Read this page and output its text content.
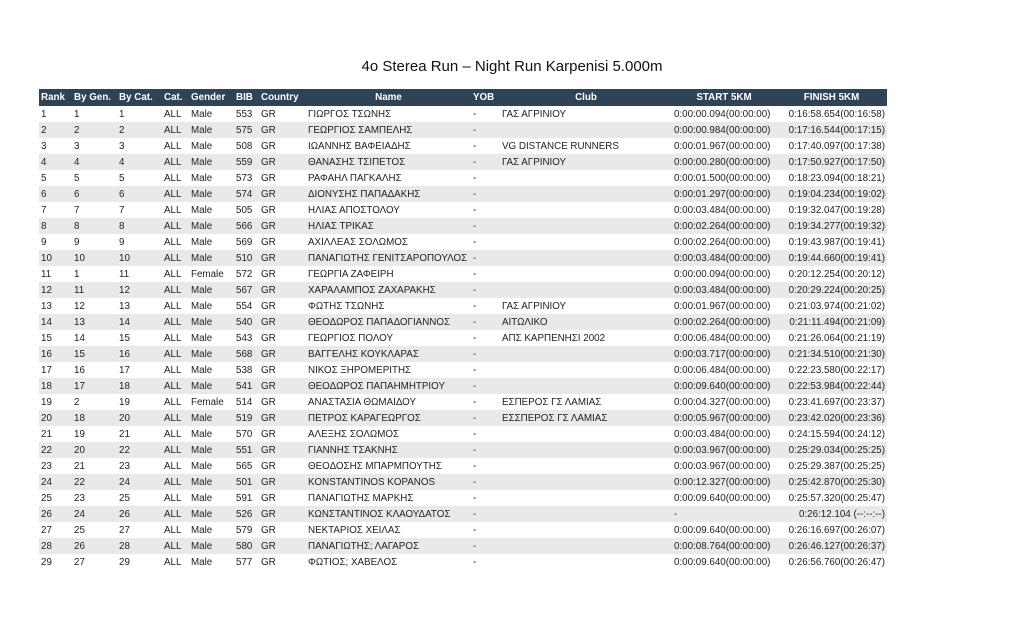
4o Sterea Run – Night Run Karpenisi 5.000m
Rank	By Gen.	By Cat.	Cat.	Gender	BIB	Country	Name	YOB	Club	START 5KM	FINISH 5KM
1	1	1	ALL	Male	553	GR	ΓΙΩΡΓΟΣ ΤΣΩΝΗΣ	-	ΓΑΣ ΑΓΡΙΝΙΟΥ	0:00:00.094(00:00:00)	0:16:58.654(00:16:58)
2	2	2	ALL	Male	575	GR	ΓΕΩΡΓΙΟΣ ΣΑΜΠΕΛΗΣ	-		0:00:00.984(00:00:00)	0:17:16.544(00:17:15)
3	3	3	ALL	Male	508	GR	ΙΩΑΝΝΗΣ ΒΑΦΕΙΑΔΗΣ	-	VG DISTANCE RUNNERS	0:00:01.967(00:00:00)	0:17:40.097(00:17:38)
4	4	4	ALL	Male	559	GR	ΘΑΝΑΣΗΣ ΤΣΙΠΕΤΟΣ	-	ΓΑΣ ΑΓΡΙΝΙΟΥ	0:00:00.280(00:00:00)	0:17:50.927(00:17:50)
5	5	5	ALL	Male	573	GR	ΡΑΦΑΗΛ ΠΑΓΚΑΛΗΣ	-		0:00:01.500(00:00:00)	0:18:23.094(00:18:21)
6	6	6	ALL	Male	574	GR	ΔΙΟΝΥΣΗΣ ΠΑΠΑΔΑΚΗΣ	-		0:00:01.297(00:00:00)	0:19:04.234(00:19:02)
7	7	7	ALL	Male	505	GR	ΗΛΙΑΣ ΑΠΟΣΤΟΛΟΥ	-		0:00:03.484(00:00:00)	0:19:32.047(00:19:28)
8	8	8	ALL	Male	566	GR	ΗΛΙΑΣ ΤΡΙΚΑΣ	-		0:00:02.264(00:00:00)	0:19:34.277(00:19:32)
9	9	9	ALL	Male	569	GR	ΑΧΙΛΛΕΑΣ ΣΟΛΩΜΟΣ	-		0:00:02.264(00:00:00)	0:19:43.987(00:19:41)
10	10	10	ALL	Male	510	GR	ΠΑΝΑΓΙΩΤΗΣ ΓΕΝΙΤΣΑΡΟΠΟΥΛΟΣ	-		0:00:03.484(00:00:00)	0:19:44.660(00:19:41)
11	1	11	ALL	Female	572	GR	ΓΕΩΡΓΙΑ ΖΑΦΕΙΡΗ	-		0:00:00.094(00:00:00)	0:20:12.254(00:20:12)
12	11	12	ALL	Male	567	GR	ΧΑΡΑΛΑΜΠΟΣ ΖΑΧΑΡΑΚΗΣ	-		0:00:03.484(00:00:00)	0:20:29.224(00:20:25)
13	12	13	ALL	Male	554	GR	ΦΩΤΗΣ ΤΣΩΝΗΣ	-	ΓΑΣ ΑΓΡΙΝΙΟΥ	0:00:01.967(00:00:00)	0:21:03.974(00:21:02)
14	13	14	ALL	Male	540	GR	ΘΕΟΔΩΡΟΣ ΠΑΠΑΔΟΓΙΑΝΝΟΣ	-	ΑΙΤΩΛΙΚΟ	0:00:02.264(00:00:00)	0:21:11.494(00:21:09)
15	14	15	ALL	Male	543	GR	ΓΕΩΡΓΙΟΣ ΠΟΛΟΥ	-	ΑΠΣ ΚΑΡΠΕΝΗΣΙ 2002	0:00:06.484(00:00:00)	0:21:26.064(00:21:19)
16	15	16	ALL	Male	568	GR	ΒΑΓΓΕΛΗΣ ΚΟΥΚΛΑΡΑΣ	-		0:00:03.717(00:00:00)	0:21:34.510(00:21:30)
17	16	17	ALL	Male	538	GR	ΝΙΚΟΣ ΞΗΡΟΜΕΡΙΤΗΣ	-		0:00:06.484(00:00:00)	0:22:23.580(00:22:17)
18	17	18	ALL	Male	541	GR	ΘΕΟΔΩΡΟΣ ΠΑΠΑΗΜΗΤΡΙΟΥ	-		0:00:09.640(00:00:00)	0:22:53.984(00:22:44)
19	2	19	ALL	Female	514	GR	ΑΝΑΣΤΑΣΙΑ ΘΩΜΑΙΔΟΥ	-	ΕΣΠΕΡΟΣ ΓΣ ΛΑΜΙΑΣ	0:00:04.327(00:00:00)	0:23:41.697(00:23:37)
20	18	20	ALL	Male	519	GR	ΠΕΤΡΟΣ ΚΑΡΑΓΕΩΡΓΟΣ	-	ΕΣΣΠΕΡΟΣ ΓΣ ΛΑΜΙΑΣ	0:00:05.967(00:00:00)	0:23:42.020(00:23:36)
21	19	21	ALL	Male	570	GR	ΑΛΕΞΗΣ ΣΟΛΩΜΟΣ	-		0:00:03.484(00:00:00)	0:24:15.594(00:24:12)
22	20	22	ALL	Male	551	GR	ΓΙΑΝΝΗΣ ΤΣΑΚΝΗΣ	-		0:00:03.967(00:00:00)	0:25:29.034(00:25:25)
23	21	23	ALL	Male	565	GR	ΘΕΟΔΟΣΗΣ ΜΠΑΡΜΠΟΥΤΗΣ	-		0:00:03.967(00:00:00)	0:25:29.387(00:25:25)
24	22	24	ALL	Male	501	GR	KONSTANTINOS KOPANOS	-		0:00:12.327(00:00:00)	0:25:42.870(00:25:30)
25	23	25	ALL	Male	591	GR	ΠΑΝΑΓΙΩΤΗΣ ΜΑΡΚΗΣ	-		0:00:09.640(00:00:00)	0:25:57.320(00:25:47)
26	24	26	ALL	Male	526	GR	ΚΩΝΣΤΑΝΤΙΝΟΣ ΚΛΑΟΥΔΑΤΟΣ	-		-	0:26:12.104 (--:--:--)
27	25	27	ALL	Male	579	GR	ΝΕΚΤΑΡΙΟΣ ΧΕΙΛΑΣ	-		0:00:09.640(00:00:00)	0:26:16.697(00:26:07)
28	26	28	ALL	Male	580	GR	ΠΑΝΑΓΙΩΤΗΣ; ΛΑΓΑΡΟΣ	-		0:00:08.764(00:00:00)	0:26:46.127(00:26:37)
29	27	29	ALL	Male	577	GR	ΦΩΤΙΟΣ; ΧΑΒΕΛΟΣ	-		0:00:09.640(00:00:00)	0:26:56.760(00:26:47)
